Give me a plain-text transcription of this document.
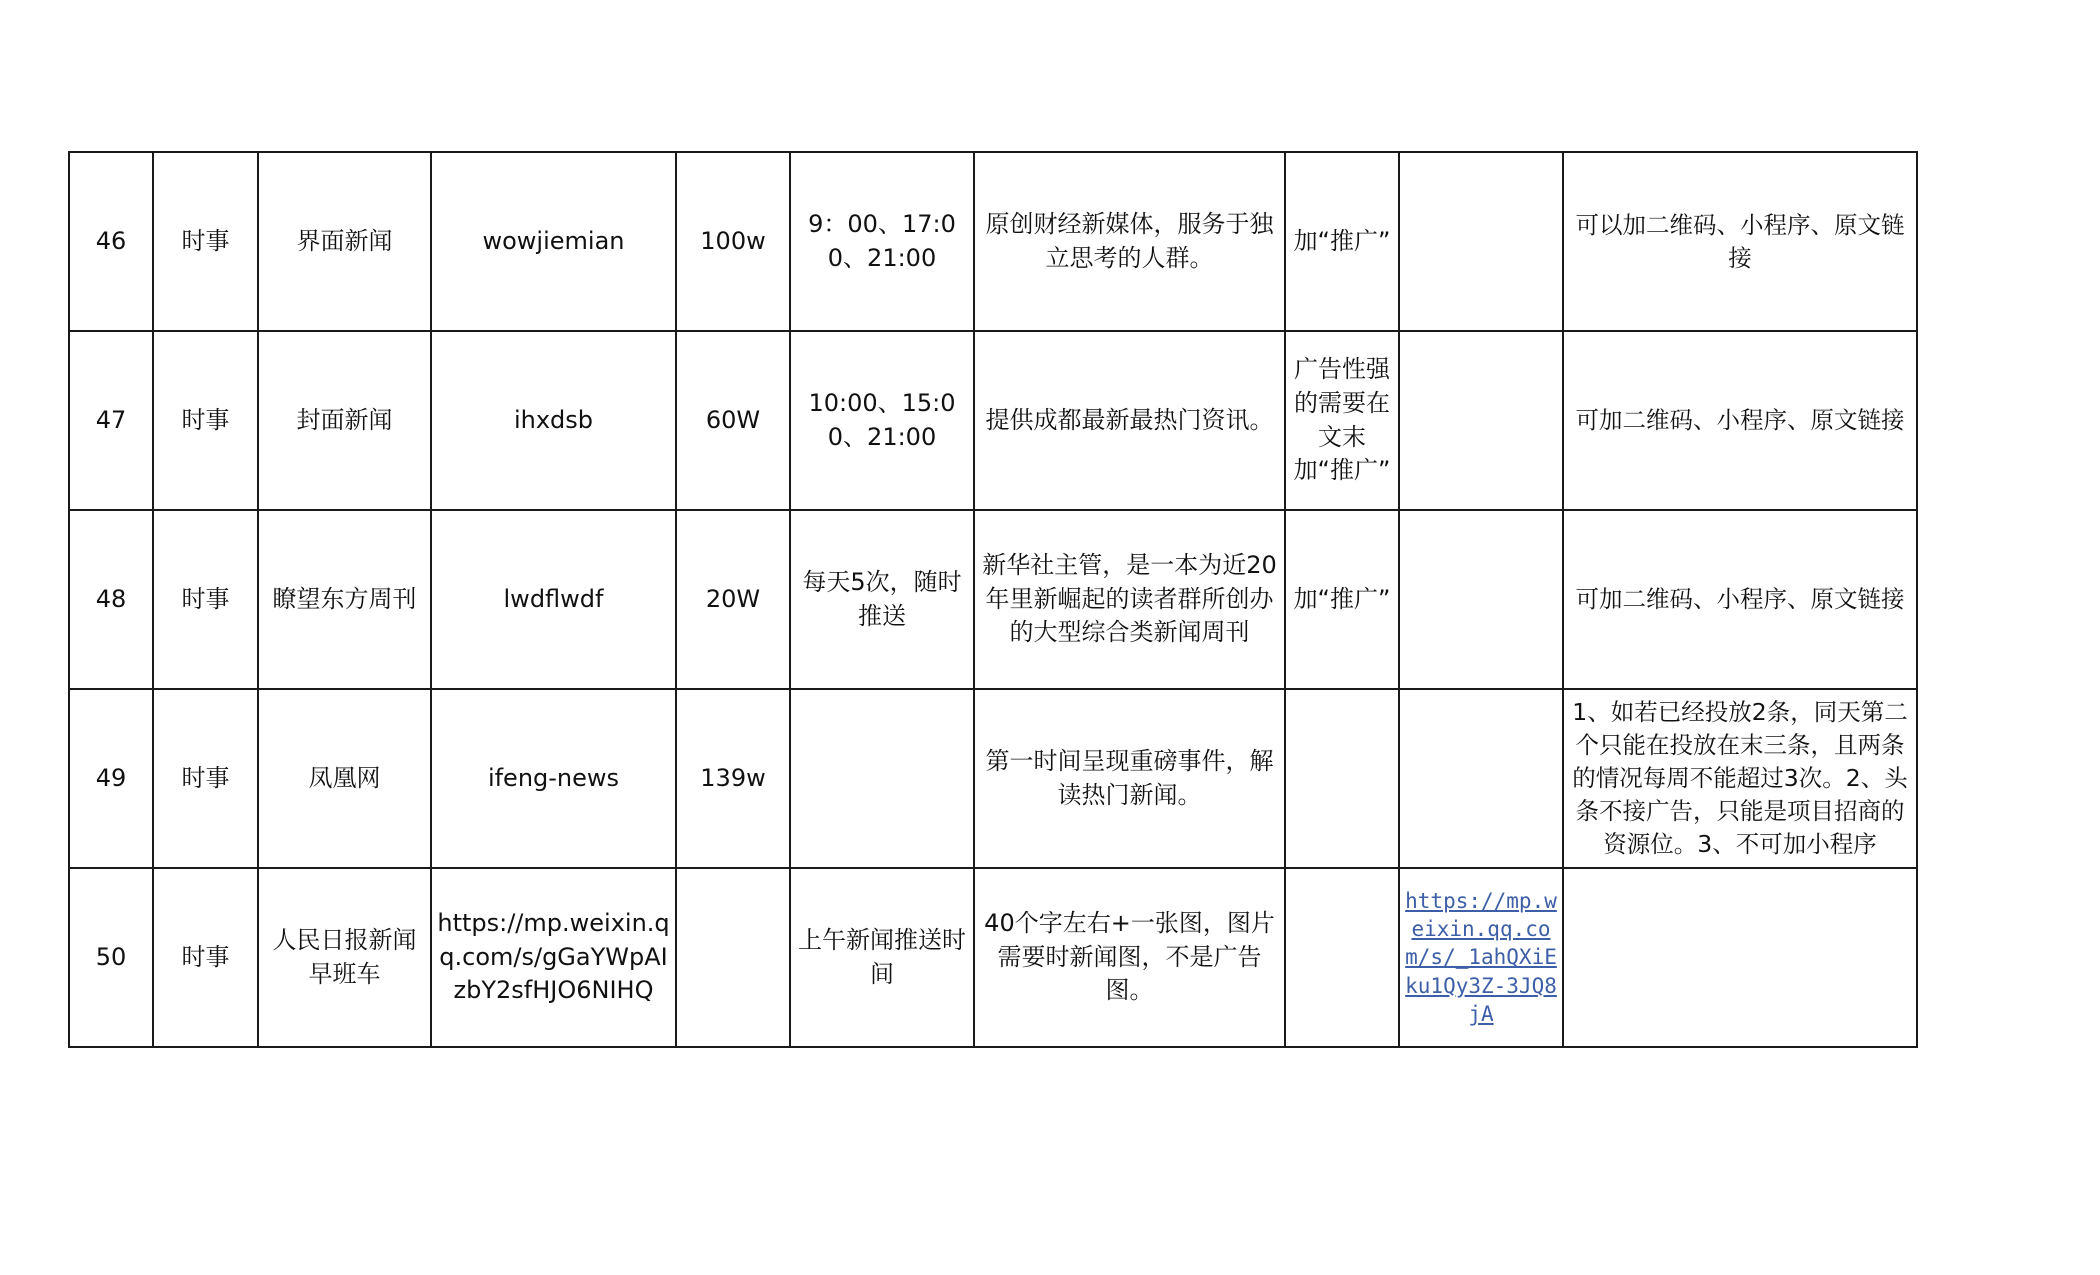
46	时事	界面新闻	wowjiemian	100w	9：00、17:00、21:00	原创财经新媒体，服务于独立思考的人群。	加“推广”		可以加二维码、小程序、原文链接
47	时事	封面新闻	ihxdsb	60W	10:00、15:00、21:00	提供成都最新最热门资讯。	广告性强的需要在文末加“推广”		可加二维码、小程序、原文链接
48	时事	瞭望东方周刊	lwdflwdf	20W	每天5次，随时推送	新华社主管，是一本为近20年里新崛起的读者群所创办的大型综合类新闻周刊	加“推广”		可加二维码、小程序、原文链接
49	时事	凤凰网	ifeng-news	139w		第一时间呈现重磅事件，解读热门新闻。			1、如若已经投放2条，同天第二个只能在投放在末三条，且两条的情况每周不能超过3次。2、头条不接广告，只能是项目招商的资源位。3、不可加小程序
50	时事	人民日报新闻早班车	https://mp.weixin.qq.com/s/gGaYWpAIzbY2sfHJO6NIHQ		上午新闻推送时间	40个字左右+一张图，图片需要时新闻图，不是广告图。		https://mp.weixin.qq.com/s/_1ahQXiEku1Qy3Z-3JQ8jA	
